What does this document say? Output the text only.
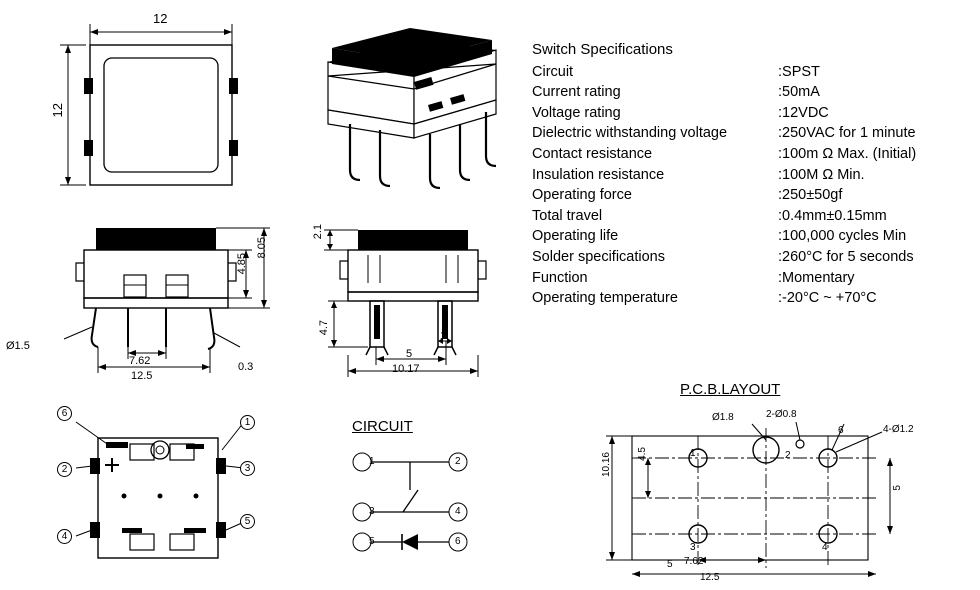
Switch Specifications
Circuit	:SPST
Current rating	:50mA
Voltage rating	:12VDC
Dielectric withstanding voltage	:250VAC for 1 minute
Contact resistance	:100m Ω Max. (Initial)
Insulation resistance	:100M Ω Min.
Operating force	:250±50gf
Total travel	:0.4mm±0.15mm
Operating life	:100,000 cycles Min
Solder specifications	:260°C for 5 seconds
Function	:Momentary
Operating temperature	:-20°C ~ +70°C
12
12
Ø1.5
7.62
12.5
0.3
4.85
8.05
2.1
4.7
1
5
10.17
6
2
4
1
3
5
CIRCUIT
1	2
3	4
5	6
P.C.B.LAYOUT
Ø1.8	2-Ø0.8
4-Ø1.2
6
10.16	4.5
5
2
5 7.62
12.5
1
3	4
